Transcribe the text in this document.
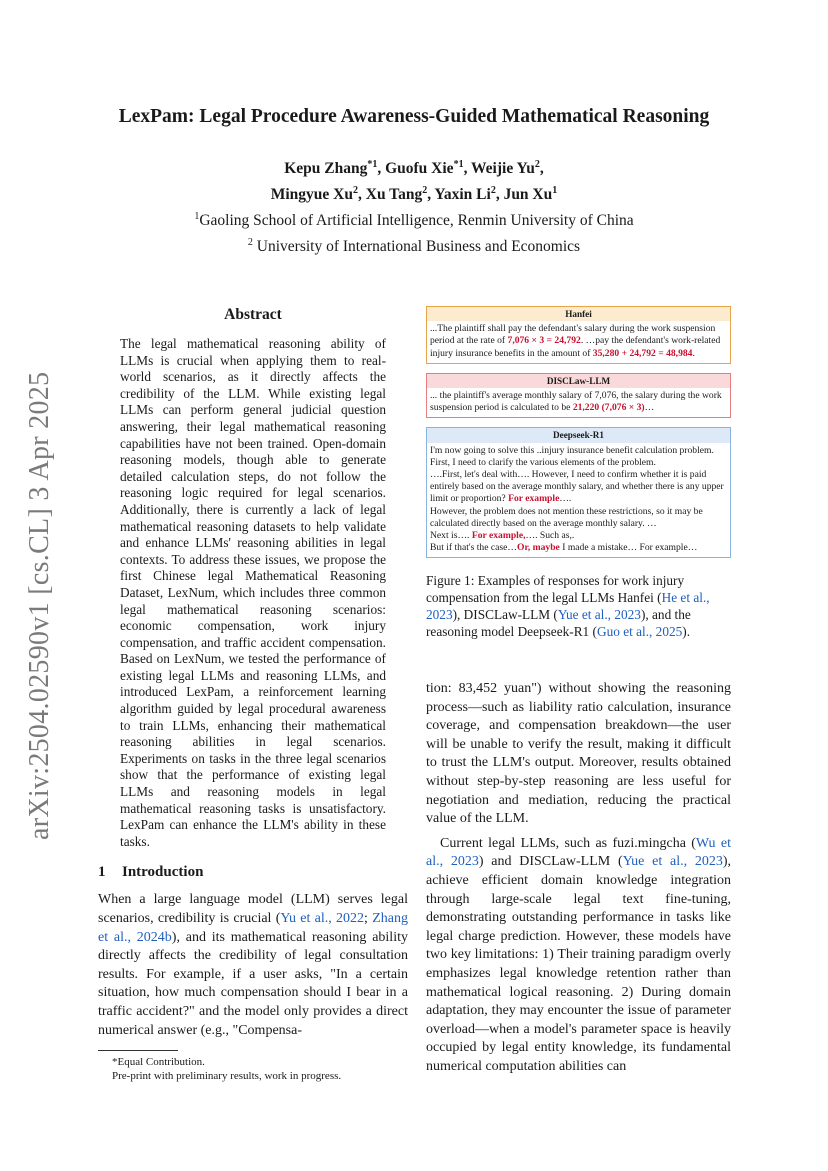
arXiv:2504.02590v1 [cs.CL] 3 Apr 2025
LexPam: Legal Procedure Awareness-Guided Mathematical Reasoning
Kepu Zhang$^{*1}$, Guofu Xie$^{*1}$, Weijie Yu$^2$,
Mingyue Xu$^2$, Xu Tang$^2$, Yaxin Li$^2$, Jun Xu$^1$
$^1$Gaoling School of Artificial Intelligence, Renmin University of China
$^2$ University of International Business and Economics
Abstract

The legal mathematical reasoning ability of LLMs is crucial when applying them to real-world scenarios, as it directly affects the credibility of the LLM. While existing legal LLMs can perform general judicial question answering, their legal mathematical reasoning capabilities have not been trained. Open-domain reasoning models, though able to generate detailed calculation steps, do not follow the reasoning logic required for legal scenarios. Additionally, there is currently a lack of legal mathematical reasoning datasets to help validate and enhance LLMs' reasoning abilities in legal contexts. To address these issues, we propose the first Chinese legal Mathematical Reasoning Dataset, LexNum, which includes three common legal mathematical reasoning scenarios: economic compensation, work injury compensation, and traffic accident compensation. Based on LexNum, we tested the performance of existing legal LLMs and reasoning LLMs, and introduced LexPam, a reinforcement learning algorithm guided by legal procedural awareness to train LLMs, enhancing their mathematical reasoning abilities in legal scenarios. Experiments on tasks in the three legal scenarios show that the performance of existing legal LLMs and reasoning models in legal mathematical reasoning tasks is unsatisfactory. LexPam can enhance the LLM's ability in these tasks.

1 Introduction

When a large language model (LLM) serves legal scenarios, credibility is crucial (Yu et al., 2022; Zhang et al., 2024b), and its mathematical reasoning ability directly affects the credibility of legal consultation results. For example, if a user asks, "In a certain situation, how much compensation should I bear in a traffic accident?" and the model only provides a direct numerical answer (e.g., "Compensa-

*Equal Contribution.

Pre-print with preliminary results, work in progress.

Hanfei
...The plaintiff shall pay the defendant's salary during the work suspension period at the rate of 7,076 × 3 = 24,792. …pay the defendant's work-related injury insurance benefits in the amount of 35,280 + 24,792 = 48,984.
DISCLaw-LLM
... the plaintiff's average monthly salary of 7,076, the salary during the work suspension period is calculated to be 21,220 (7,076 × 3)…
Deepseek-R1
I'm now going to solve this ..injury insurance benefit calculation problem.
First, I need to clarify the various elements of the problem.
….First, let's deal with…. However, I need to confirm whether it is paid entirely based on the average monthly salary, and whether there is any upper limit or proportion? For example….
However, the problem does not mention these restrictions, so it may be calculated directly based on the average monthly salary. …
Next is…. For example,…. Such as,.
But if that's the case…Or, maybe I made a mistake… For example…

Figure 1: Examples of responses for work injury compensation from the legal LLMs Hanfei (He et al., 2023), DISCLaw-LLM (Yue et al., 2023), and the reasoning model Deepseek-R1 (Guo et al., 2025).

tion: 83,452 yuan") without showing the reasoning process—such as liability ratio calculation, insurance coverage, and compensation breakdown—the user will be unable to verify the result, making it difficult to trust the LLM's output. Moreover, results obtained without step-by-step reasoning are less useful for negotiation and mediation, reducing the practical value of the LLM.

Current legal LLMs, such as fuzi.mingcha (Wu et al., 2023) and DISCLaw-LLM (Yue et al., 2023), achieve efficient domain knowledge integration through large-scale legal text fine-tuning, demonstrating outstanding performance in tasks like legal charge prediction. However, these models have two key limitations: 1) Their training paradigm overly emphasizes legal knowledge retention rather than mathematical logical reasoning. 2) During domain adaptation, they may encounter the issue of parameter overload—when a model's parameter space is heavily occupied by legal entity knowledge, its fundamental numerical computation abilities can
